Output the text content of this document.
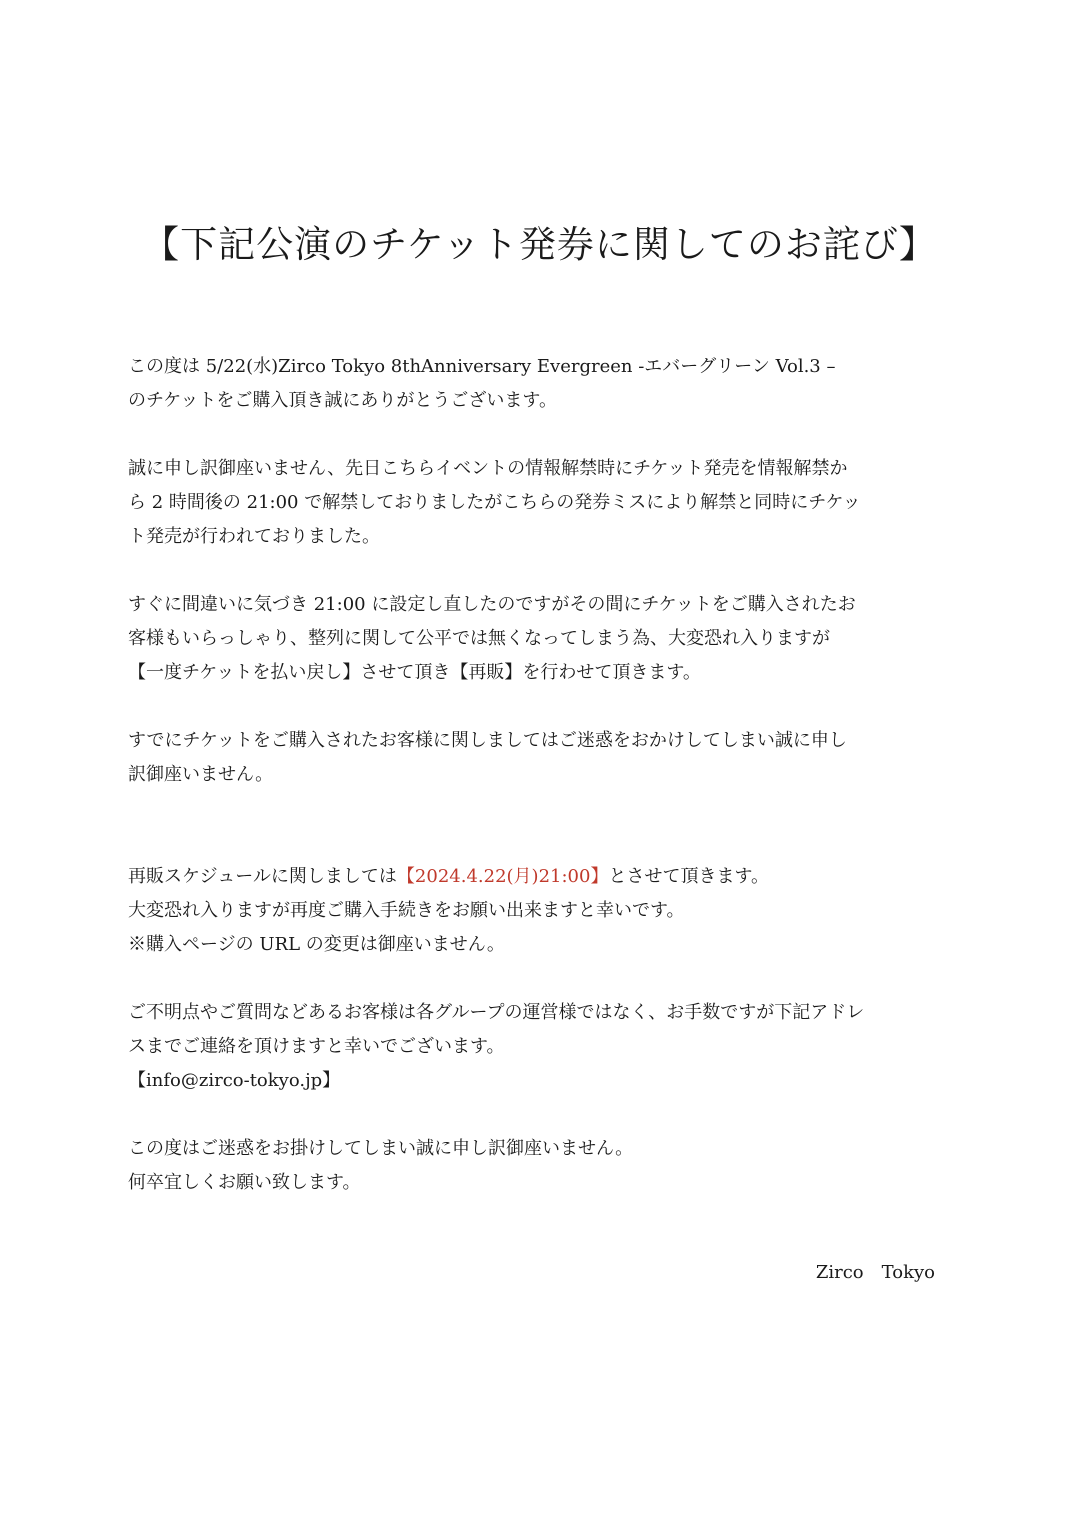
【下記公演のチケット発券に関してのお詫び】
この度は 5/22(水)Zirco Tokyo 8thAnniversary Evergreen -エバーグリーン Vol.3 –
のチケットをご購入頂き誠にありがとうございます。
誠に申し訳御座いません、先日こちらイベントの情報解禁時にチケット発売を情報解禁か
ら 2 時間後の 21:00 で解禁しておりましたがこちらの発券ミスにより解禁と同時にチケッ
ト発売が行われておりました。
すぐに間違いに気づき 21:00 に設定し直したのですがその間にチケットをご購入されたお
客様もいらっしゃり、整列に関して公平では無くなってしまう為、大変恐れ入りますが
【一度チケットを払い戻し】させて頂き【再販】を行わせて頂きます。
すでにチケットをご購入されたお客様に関しましてはご迷惑をおかけしてしまい誠に申し
訳御座いません。
再販スケジュールに関しましては【2024.4.22(月)21:00】とさせて頂きます。
大変恐れ入りますが再度ご購入手続きをお願い出来ますと幸いです。
※購入ページの URL の変更は御座いません。
ご不明点やご質問などあるお客様は各グループの運営様ではなく、お手数ですが下記アドレ
スまでご連絡を頂けますと幸いでございます。
【info@zirco-tokyo.jp】
この度はご迷惑をお掛けしてしまい誠に申し訳御座いません。
何卒宜しくお願い致します。
Zirco　Tokyo
